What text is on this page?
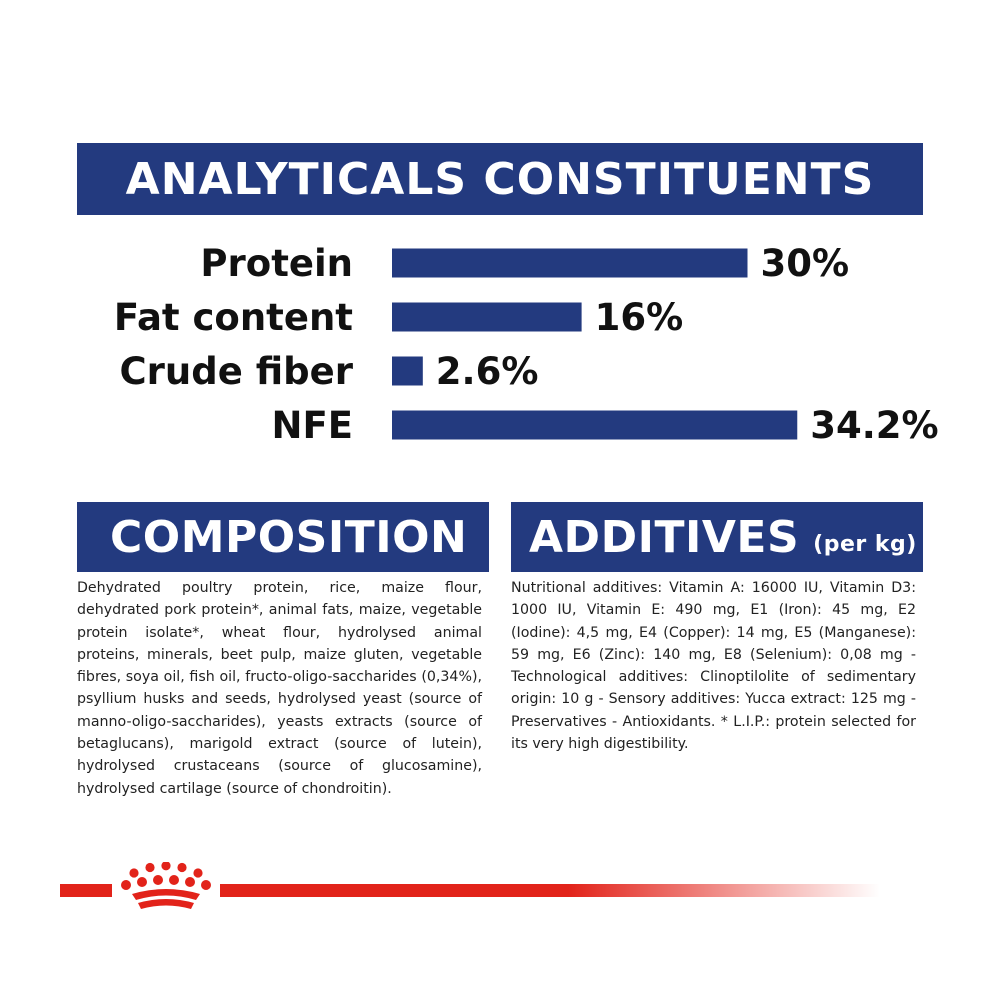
ANALYTICALS CONSTITUENTS
Protein	30%
Fat content	16%
Crude fiber 2.6%
NFE	34.2%
COMPOSITION

Dehydrated poultry protein, rice, maize flour, dehydrated pork protein*, animal fats, maize, vegetable protein isolate*, wheat flour, hydrolysed animal proteins, minerals, beet pulp, maize gluten, vegetable fibres, soya oil, fish oil, fructo-oligo-saccharides (0,34%), psyllium husks and seeds, hydrolysed yeast (source of manno-oligo-saccharides), yeasts extracts (source of betaglucans), marigold extract (source of lutein), hydrolysed crustaceans (source of glucosamine), hydrolysed cartilage (source of chondroitin).

ADDITIVES (per kg)

Nutritional additives: Vitamin A: 16000 IU, Vitamin D3: 1000 IU, Vitamin E: 490 mg, E1 (Iron): 45 mg, E2 (Iodine): 4,5 mg, E4 (Copper): 14 mg, E5 (Manganese): 59 mg, E6 (Zinc): 140 mg, E8 (Selenium): 0,08 mg - Technological additives: Clinoptilolite of sedimentary origin: 10 g - Sensory additives: Yucca extract: 125 mg - Preservatives - Antioxidants. * L.I.P.: protein selected for its very high digestibility.
